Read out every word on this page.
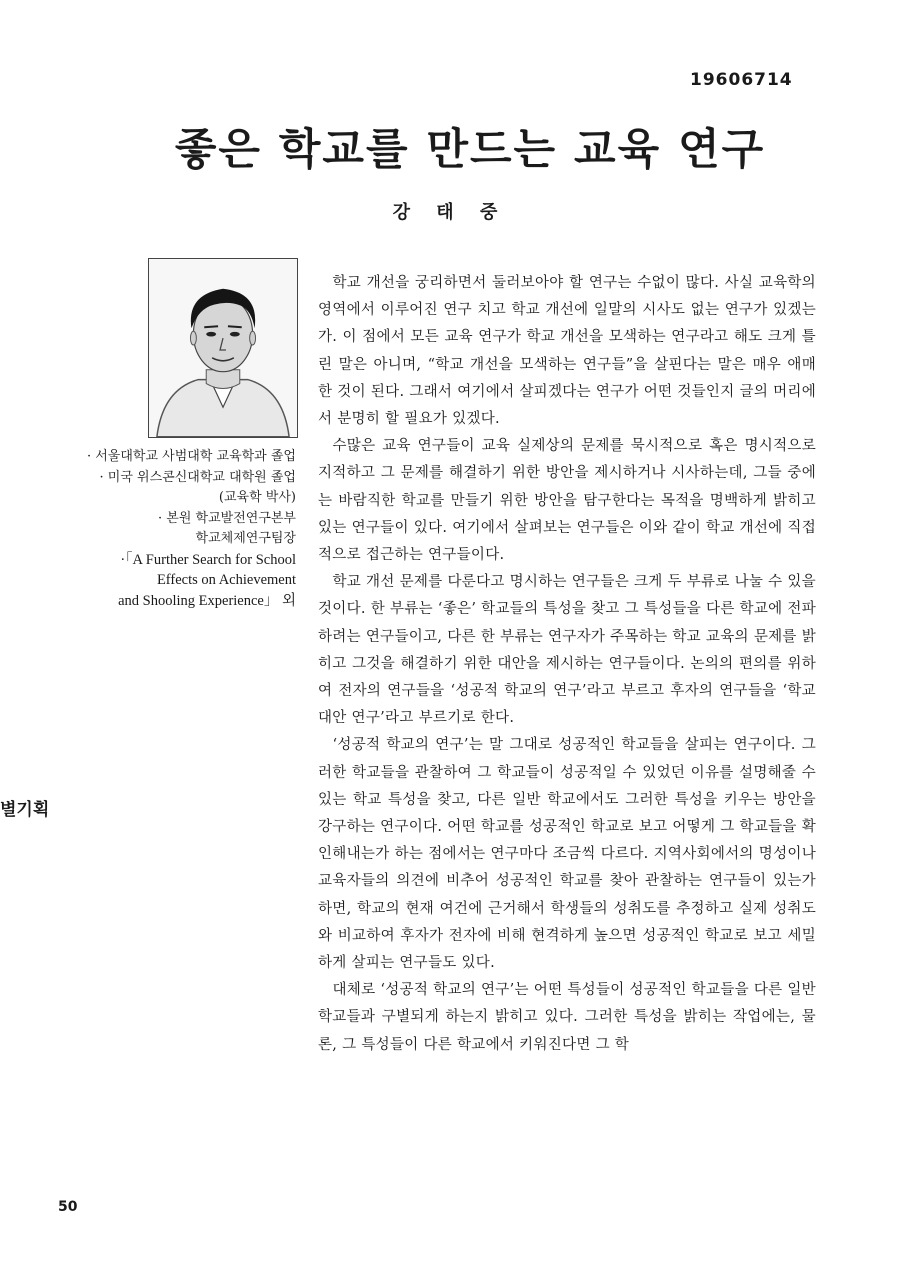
19606714
좋은 학교를 만드는 교육 연구
강 태 중
· 서울대학교 사범대학 교육학과 졸업
· 미국 위스콘신대학교 대학원 졸업
(교육학 박사)
· 본원 학교발전연구본부
학교체제연구팀장
·「A Further Search for School
Effects on Achievement
and Shooling Experience」 외
별기획

학교 개선을 궁리하면서 둘러보아야 할 연구는 수없이 많다. 사실 교육학의 영역에서 이루어진 연구 치고 학교 개선에 일말의 시사도 없는 연구가 있겠는가. 이 점에서 모든 교육 연구가 학교 개선을 모색하는 연구라고 해도 크게 틀린 말은 아니며, “학교 개선을 모색하는 연구들”을 살핀다는 말은 매우 애매한 것이 된다. 그래서 여기에서 살피겠다는 연구가 어떤 것들인지 글의 머리에서 분명히 할 필요가 있겠다.

수많은 교육 연구들이 교육 실제상의 문제를 묵시적으로 혹은 명시적으로 지적하고 그 문제를 해결하기 위한 방안을 제시하거나 시사하는데, 그들 중에는 바람직한 학교를 만들기 위한 방안을 탐구한다는 목적을 명백하게 밝히고 있는 연구들이 있다. 여기에서 살펴보는 연구들은 이와 같이 학교 개선에 직접적으로 접근하는 연구들이다.

학교 개선 문제를 다룬다고 명시하는 연구들은 크게 두 부류로 나눌 수 있을 것이다. 한 부류는 ‘좋은’ 학교들의 특성을 찾고 그 특성들을 다른 학교에 전파하려는 연구들이고, 다른 한 부류는 연구자가 주목하는 학교 교육의 문제를 밝히고 그것을 해결하기 위한 대안을 제시하는 연구들이다. 논의의 편의를 위하여 전자의 연구들을 ‘성공적 학교의 연구’라고 부르고 후자의 연구들을 ‘학교 대안 연구’라고 부르기로 한다.

‘성공적 학교의 연구’는 말 그대로 성공적인 학교들을 살피는 연구이다. 그러한 학교들을 관찰하여 그 학교들이 성공적일 수 있었던 이유를 설명해줄 수 있는 학교 특성을 찾고, 다른 일반 학교에서도 그러한 특성을 키우는 방안을 강구하는 연구이다. 어떤 학교를 성공적인 학교로 보고 어떻게 그 학교들을 확인해내는가 하는 점에서는 연구마다 조금씩 다르다. 지역사회에서의 명성이나 교육자들의 의견에 비추어 성공적인 학교를 찾아 관찰하는 연구들이 있는가 하면, 학교의 현재 여건에 근거해서 학생들의 성취도를 추정하고 실제 성취도와 비교하여 후자가 전자에 비해 현격하게 높으면 성공적인 학교로 보고 세밀하게 살피는 연구들도 있다.

대체로 ‘성공적 학교의 연구’는 어떤 특성들이 성공적인 학교들을 다른 일반 학교들과 구별되게 하는지 밝히고 있다. 그러한 특성을 밝히는 작업에는, 물론, 그 특성들이 다른 학교에서 키워진다면 그 학

50
